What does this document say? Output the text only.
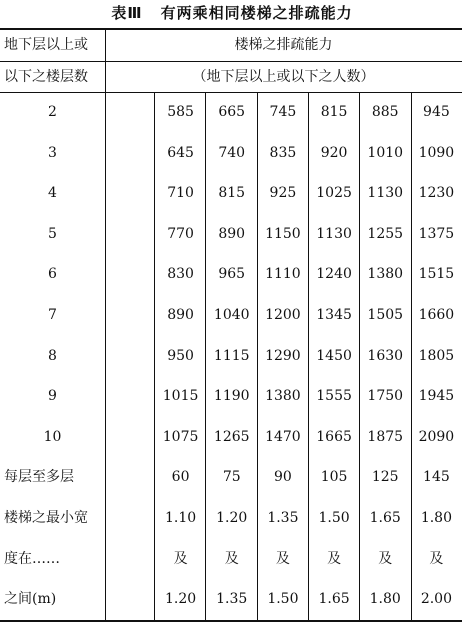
表Ⅲ 有两乘相同楼梯之排疏能力
地下层以上或
以下之楼层数
楼梯之排疏能力
（地下层以上或以下之人数）
2	585	665	745	815	885	945
3	645	740	835	920	1010	1090
4	710	815	925	1025	1130	1230
5	770	890	1150	1130	1255	1375
6	830	965	1110	1240	1380	1515
7	890	1040	1200	1345	1505	1660
8	950	1115	1290	1450	1630	1805
9	1015	1190	1380	1555	1750	1945
10	1075	1265	1470	1665	1875	2090
每层至多层	60	75	90	105	125	145
楼梯之最小宽	1.10	1.20	1.35	1.50	1.65	1.80
度在……	及	及	及	及	及	及
之间(m)	1.20	1.35	1.50	1.65	1.80	2.00
